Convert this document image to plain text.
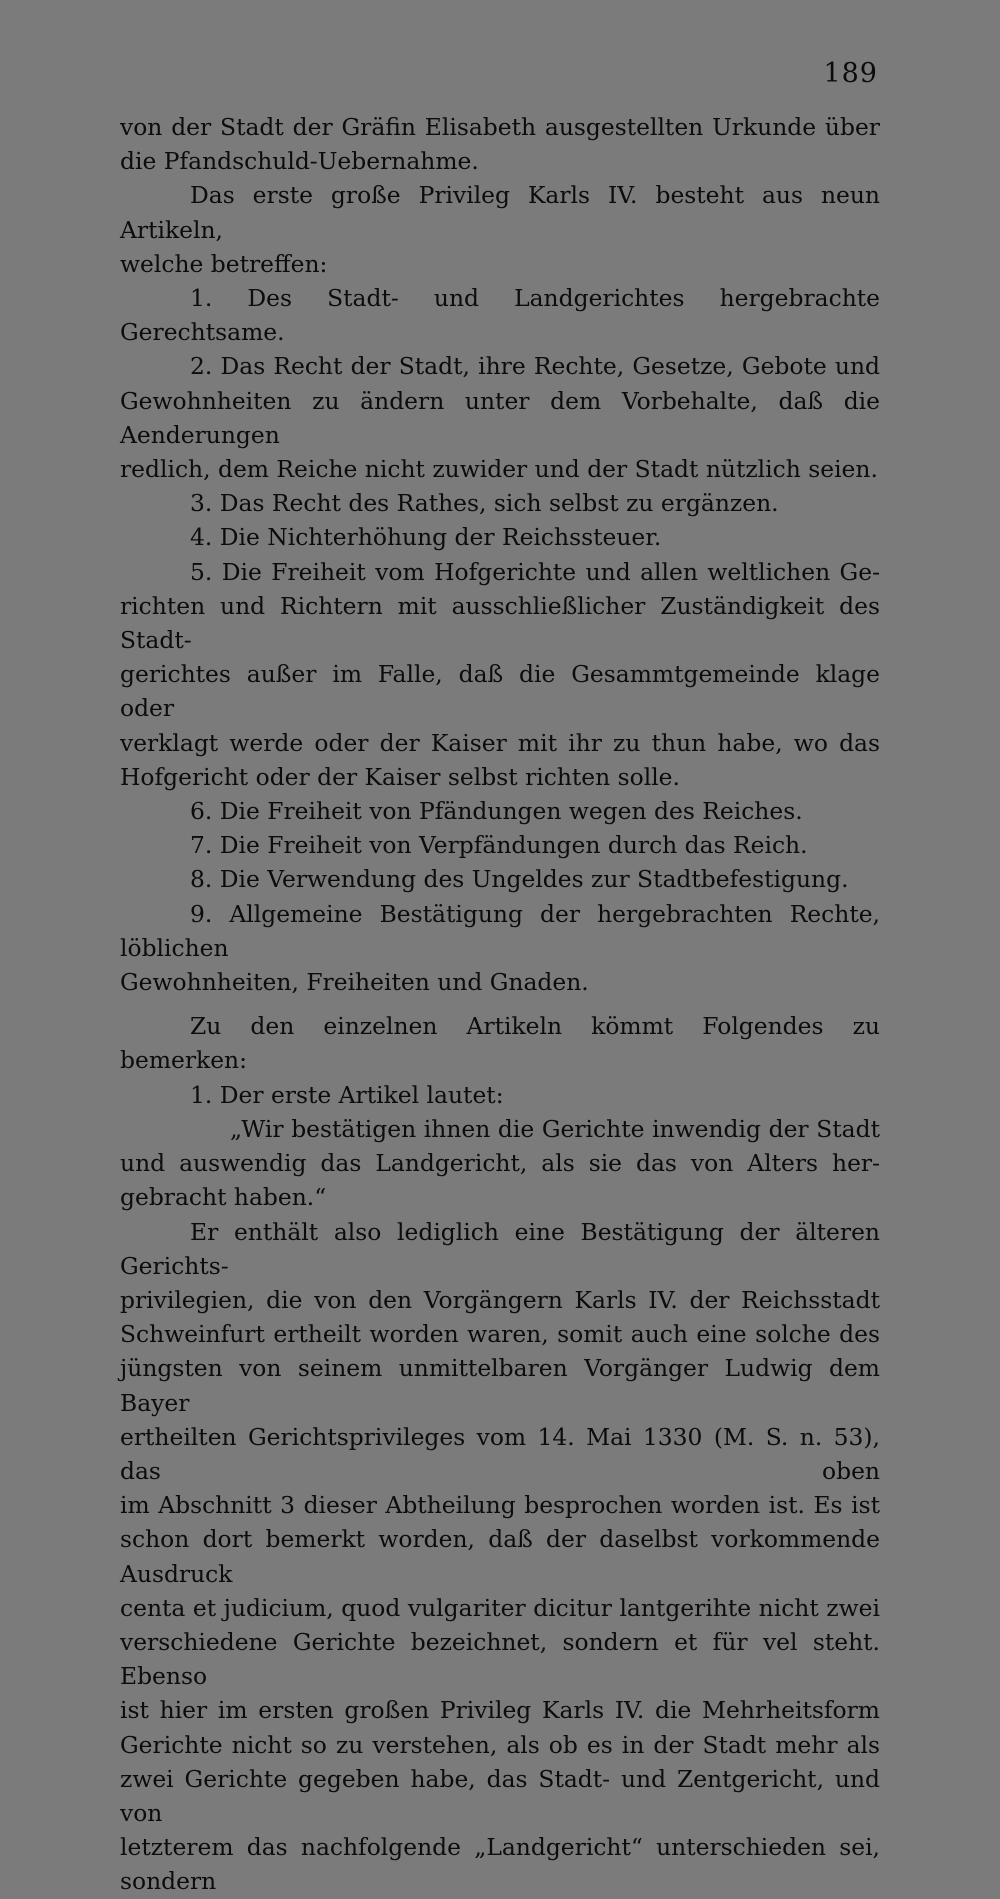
189

von der Stadt der Gräfin Elisabeth ausgestellten Urkunde über

die Pfandschuld-Uebernahme.

Das erste große Privileg Karls IV. besteht aus neun Artikeln,

welche betreffen:

1. Des Stadt- und Landgerichtes hergebrachte Gerechtsame.

2. Das Recht der Stadt, ihre Rechte, Gesetze, Gebote und

Gewohnheiten zu ändern unter dem Vorbehalte, daß die Aenderungen

redlich, dem Reiche nicht zuwider und der Stadt nützlich seien.

3. Das Recht des Rathes, sich selbst zu ergänzen.

4. Die Nichterhöhung der Reichssteuer.

5. Die Freiheit vom Hofgerichte und allen weltlichen Ge-

richten und Richtern mit ausschließlicher Zuständigkeit des Stadt-

gerichtes außer im Falle, daß die Gesammtgemeinde klage oder

verklagt werde oder der Kaiser mit ihr zu thun habe, wo das

Hofgericht oder der Kaiser selbst richten solle.

6. Die Freiheit von Pfändungen wegen des Reiches.

7. Die Freiheit von Verpfändungen durch das Reich.

8. Die Verwendung des Ungeldes zur Stadtbefestigung.

9. Allgemeine Bestätigung der hergebrachten Rechte, löblichen

Gewohnheiten, Freiheiten und Gnaden.

Zu den einzelnen Artikeln kömmt Folgendes zu bemerken:

1. Der erste Artikel lautet:

„Wir bestätigen ihnen die Gerichte inwendig der Stadt

und auswendig das Landgericht, als sie das von Alters her-

gebracht haben.“

Er enthält also lediglich eine Bestätigung der älteren Gerichts-

privilegien, die von den Vorgängern Karls IV. der Reichsstadt

Schweinfurt ertheilt worden waren, somit auch eine solche des

jüngsten von seinem unmittelbaren Vorgänger Ludwig dem Bayer

ertheilten Gerichtsprivileges vom 14. Mai 1330 (M. S. n. 53), das oben

im Abschnitt 3 dieser Abtheilung besprochen worden ist. Es ist

schon dort bemerkt worden, daß der daselbst vorkommende Ausdruck

centa et judicium, quod vulgariter dicitur lantgerihte nicht zwei

verschiedene Gerichte bezeichnet, sondern et für vel steht. Ebenso

ist hier im ersten großen Privileg Karls IV. die Mehrheitsform

Gerichte nicht so zu verstehen, als ob es in der Stadt mehr als

zwei Gerichte gegeben habe, das Stadt- und Zentgericht, und von

letzterem das nachfolgende „Landgericht“ unterschieden sei, sondern
